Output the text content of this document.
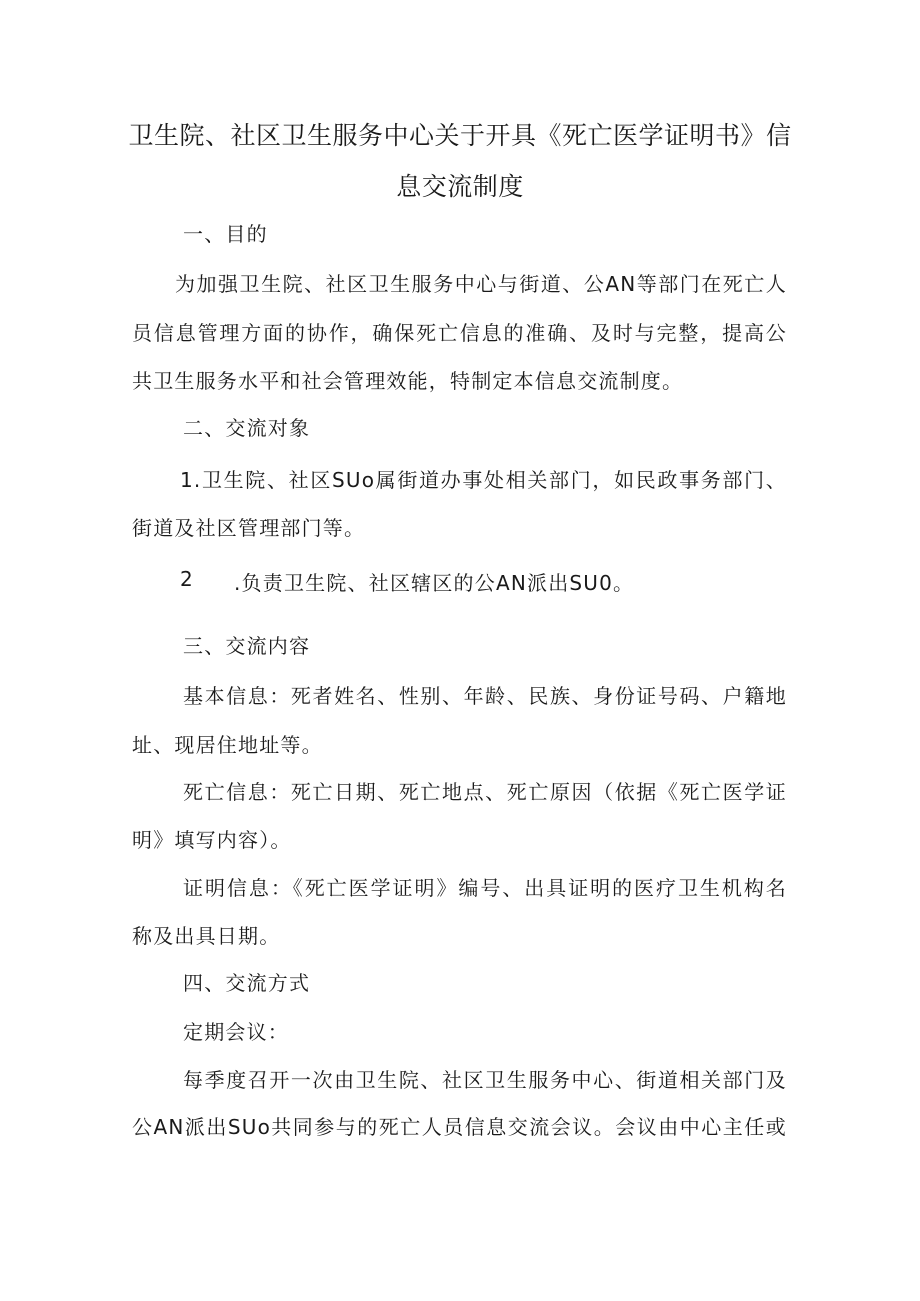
卫生院、社区卫生服务中心关于开具《死亡医学证明书》信
息交流制度
一、目的
为加强卫生院、社区卫生服务中心与街道、公AN等部门在死亡人
员信息管理方面的协作，确保死亡信息的准确、及时与完整，提高公
共卫生服务水平和社会管理效能，特制定本信息交流制度。
二、交流对象
1.卫生院、社区SUo属街道办事处相关部门，如民政事务部门、
街道及社区管理部门等。
2 .负责卫生院、社区辖区的公AN派出SU0。
三、交流内容
基本信息：死者姓名、性别、年龄、民族、身份证号码、户籍地
址、现居住地址等。
死亡信息：死亡日期、死亡地点、死亡原因（依据《死亡医学证
明》填写内容）。
证明信息：《死亡医学证明》编号、出具证明的医疗卫生机构名
称及出具日期。
四、交流方式
定期会议：
每季度召开一次由卫生院、社区卫生服务中心、街道相关部门及
公AN派出SUo共同参与的死亡人员信息交流会议。会议由中心主任或
